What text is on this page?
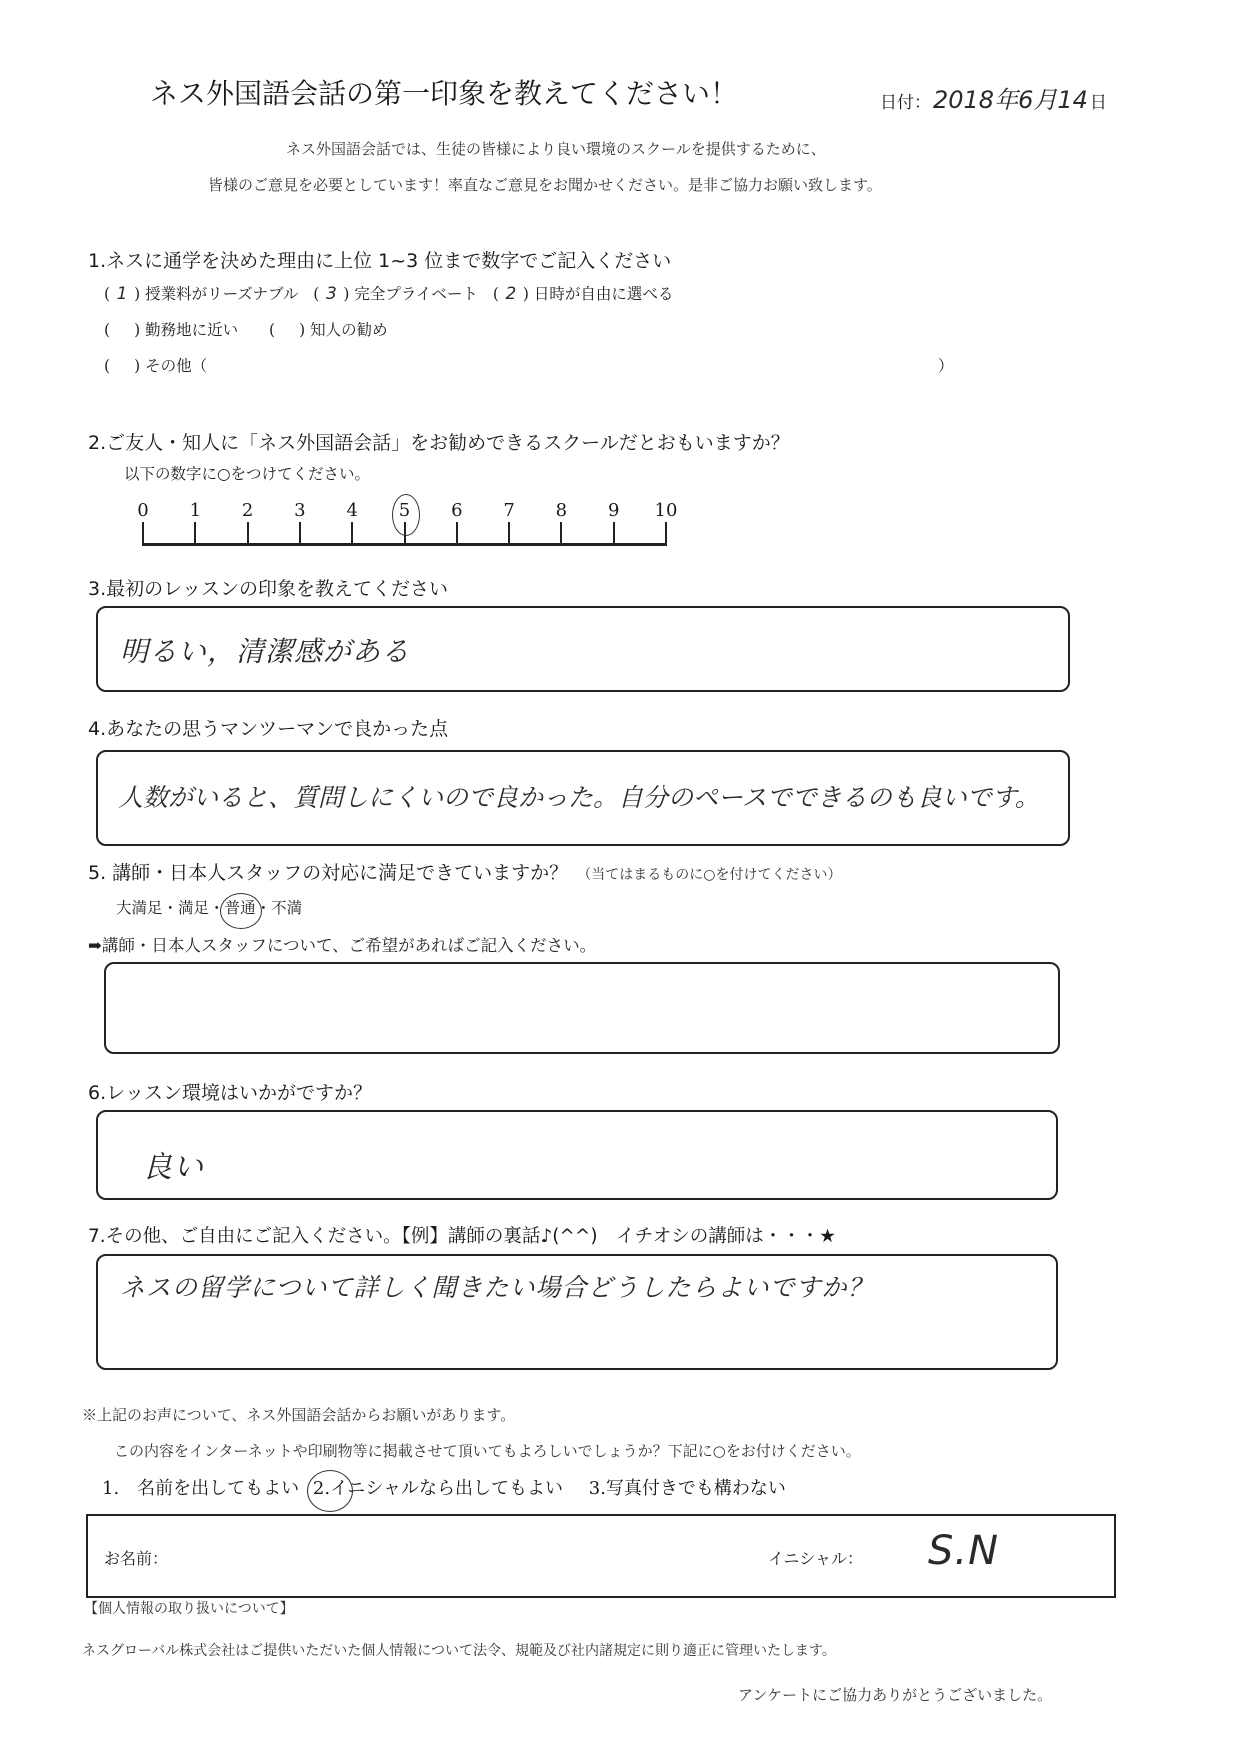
ネス外国語会話の第一印象を教えてください！	日付： 2018年6月14 日
ネス外国語会話では、生徒の皆様により良い環境のスクールを提供するために、
皆様のご意見を必要としています！率直なご意見をお聞かせください。是非ご協力お願い致します。
1.ネスに通学を決めた理由に上位 1~3 位まで数字でご記入ください
( 1 ) 授業料がリーズナブル ( 3 ) 完全プライベート ( 2 ) 日時が自由に選べる
( ) 勤務地に近い ( ) 知人の勧め
( ) その他（	）
2.ご友人・知人に「ネス外国語会話」をお勧めできるスクールだとおもいますか？
以下の数字に○をつけてください。
0	1	2	3	4	5	6	7	8	9	10
3.最初のレッスンの印象を教えてください
明るい，清潔感がある
4.あなたの思うマンツーマンで良かった点
人数がいると、質問しにくいので良かった。自分のペースでできるのも良いです。
5. 講師・日本人スタッフの対応に満足できていますか？ （当てはまるものに○を付けてください）
大満足・満足・普通
・不満
➡講師・日本人スタッフについて、ご希望があればご記入ください。
6.レッスン環境はいかがですか？
良い
7.その他、ご自由にご記入ください。【例】講師の裏話♪(^^)　イチオシの講師は・・・★
ネスの留学について詳しく聞きたい場合どうしたらよいですか？
※上記のお声について、ネス外国語会話からお願いがあります。
この内容をインターネットや印刷物等に掲載させて頂いてもよろしいでしょうか？下記に○をお付けください。
1.　名前を出してもよい 2.イニシャルなら出してもよい 3.写真付きでも構わない
お名前：	イニシャル： S.N
【個人情報の取り扱いについて】
ネスグローバル株式会社はご提供いただいた個人情報について法令、規範及び社内諸規定に則り適正に管理いたします。
アンケートにご協力ありがとうございました。
